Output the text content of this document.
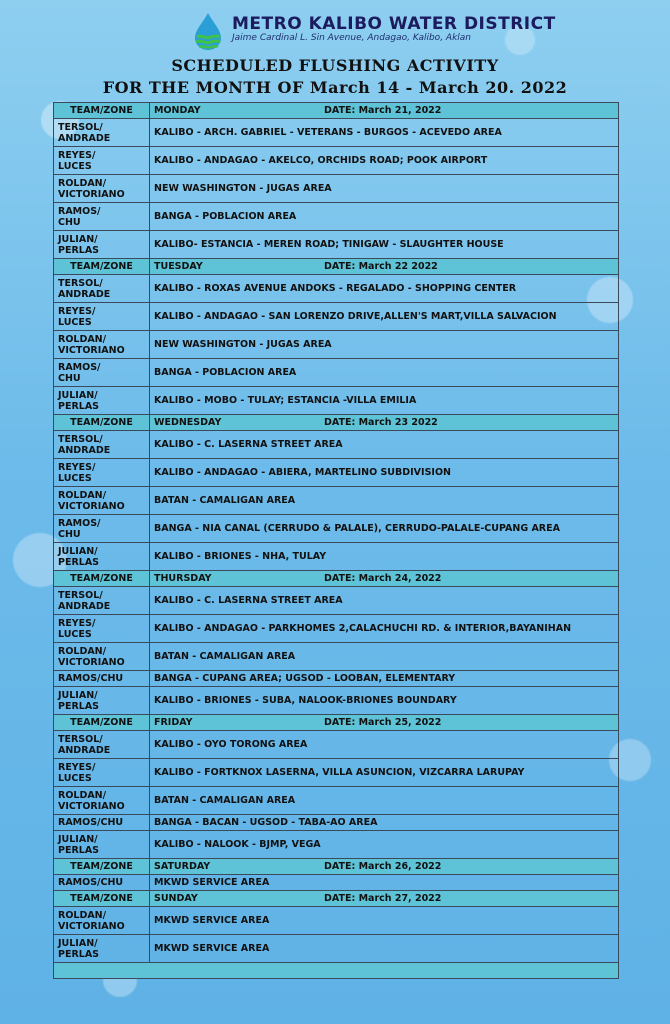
METRO KALIBO WATER DISTRICT
Jaime Cardinal L. Sin Avenue, Andagao, Kalibo, Aklan
SCHEDULED FLUSHING ACTIVITY
FOR THE MONTH OF March 14 - March 20. 2022
TEAM/ZONE	MONDAY DATE: March 21, 2022

TERSOL/
ANDRADE	KALIBO - ARCH. GABRIEL - VETERANS - BURGOS - ACEVEDO AREA

REYES/
LUCES	KALIBO - ANDAGAO - AKELCO, ORCHIDS ROAD; POOK AIRPORT

ROLDAN/
VICTORIANO	NEW WASHINGTON - JUGAS AREA

RAMOS/
CHU	BANGA - POBLACION AREA

JULIAN/
PERLAS	KALIBO- ESTANCIA - MEREN ROAD; TINIGAW - SLAUGHTER HOUSE
TEAM/ZONE	TUESDAY DATE: March 22 2022

TERSOL/
ANDRADE	KALIBO - ROXAS AVENUE ANDOKS - REGALADO - SHOPPING CENTER

REYES/
LUCES	KALIBO - ANDAGAO - SAN LORENZO DRIVE,ALLEN'S MART,VILLA SALVACION

ROLDAN/
VICTORIANO	NEW WASHINGTON - JUGAS AREA

RAMOS/
CHU	BANGA - POBLACION AREA

JULIAN/
PERLAS	KALIBO - MOBO - TULAY; ESTANCIA -VILLA EMILIA
TEAM/ZONE	WEDNESDAY DATE: March 23 2022

TERSOL/
ANDRADE	KALIBO - C. LASERNA STREET AREA

REYES/
LUCES	KALIBO - ANDAGAO - ABIERA, MARTELINO SUBDIVISION

ROLDAN/
VICTORIANO	BATAN - CAMALIGAN AREA

RAMOS/
CHU	BANGA - NIA CANAL (CERRUDO & PALALE), CERRUDO-PALALE-CUPANG AREA

JULIAN/
PERLAS	KALIBO - BRIONES - NHA, TULAY
TEAM/ZONE	THURSDAY DATE: March 24, 2022

TERSOL/
ANDRADE	KALIBO - C. LASERNA STREET AREA

REYES/
LUCES	KALIBO - ANDAGAO - PARKHOMES 2,CALACHUCHI RD. & INTERIOR,BAYANIHAN

ROLDAN/
VICTORIANO	BATAN - CAMALIGAN AREA

RAMOS/CHU	BANGA - CUPANG AREA; UGSOD - LOOBAN, ELEMENTARY

JULIAN/
PERLAS	KALIBO - BRIONES - SUBA, NALOOK-BRIONES BOUNDARY
TEAM/ZONE	FRIDAY DATE: March 25, 2022

TERSOL/
ANDRADE	KALIBO - OYO TORONG AREA

REYES/
LUCES	KALIBO - FORTKNOX LASERNA, VILLA ASUNCION, VIZCARRA LARUPAY

ROLDAN/
VICTORIANO	BATAN - CAMALIGAN AREA

RAMOS/CHU	BANGA - BACAN - UGSOD - TABA-AO AREA

JULIAN/
PERLAS	KALIBO - NALOOK - BJMP, VEGA
TEAM/ZONE	SATURDAY DATE: March 26, 2022

RAMOS/CHU	MKWD SERVICE AREA
TEAM/ZONE	SUNDAY DATE: March 27, 2022

ROLDAN/
VICTORIANO	MKWD SERVICE AREA

JULIAN/
PERLAS	MKWD SERVICE AREA
